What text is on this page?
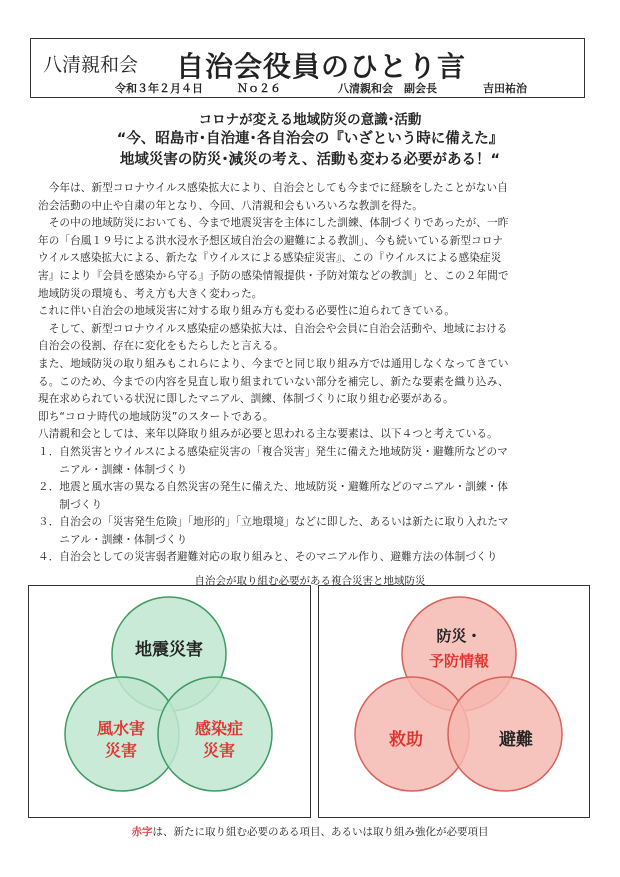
八清親和会 自治会役員のひとり言
令和３年２月４日	Ｎｏ２６	八清親和会　副会長	吉田祐治
コロナが変える地域防災の意識･活動
“今、昭島市･自治連･各自治会の『いざという時に備えた』
地域災害の防災･減災の考え、活動も変わる必要がある！“

　今年は、新型コロナウイルス感染拡大により、自治会としても今までに経験をしたことがない自

治会活動の中止や自粛の年となり、今回、八清親和会もいろいろな教訓を得た。

　その中の地域防災においても、今まで地震災害を主体にした訓練、体制づくりであったが、一昨

年の「台風１９号による洪水浸水予想区域自治会の避難による教訓」、今も続いている新型コロナ

ウイルス感染拡大による、新たな『ウイルスによる感染症災害』、この『ウイルスによる感染症災

害』により『会員を感染から守る』予防の感染情報提供・予防対策などの教訓」と、この２年間で

地域防災の環境も、考え方も大きく変わった。

これに伴い自治会の地域災害に対する取り組み方も変わる必要性に迫られてきている。

　そして、新型コロナウイルス感染症の感染拡大は、自治会や会員に自治会活動や、地域における

自治会の役割、存在に変化をもたらしたと言える。

また、地域防災の取り組みもこれらにより、今までと同じ取り組み方では通用しなくなってきてい

る。このため、今までの内容を見直し取り組まれていない部分を補完し、新たな要素を織り込み、

現在求められている状況に即したマニアル、訓練、体制づくりに取り組む必要がある。

即ち“コロナ時代の地域防災”のスタートである。

八清親和会としては、来年以降取り組みが必要と思われる主な要素は、以下４つと考えている。

１．自然災害とウイルスによる感染症災害の「複合災害」発生に備えた地域防災・避難所などのマ

　　ニアル・訓練・体制づくり

２．地震と風水害の異なる自然災害の発生に備えた、地域防災・避難所などのマニアル・訓練・体

　　制づくり

３．自治会の「災害発生危険」「地形的」「立地環境」などに即した、あるいは新たに取り入れたマ

　　ニアル・訓練・体制づくり

４．自治会としての災害弱者避難対応の取り組みと、そのマニアル作り、避難方法の体制づくり

自治会が取り組む必要がある複合災害と地域防災
地震災害
風水害
災害
感染症
災害
防災・
予防情報
救助	避難
赤字は、新たに取り組む必要のある項目、あるいは取り組み強化が必要項目
